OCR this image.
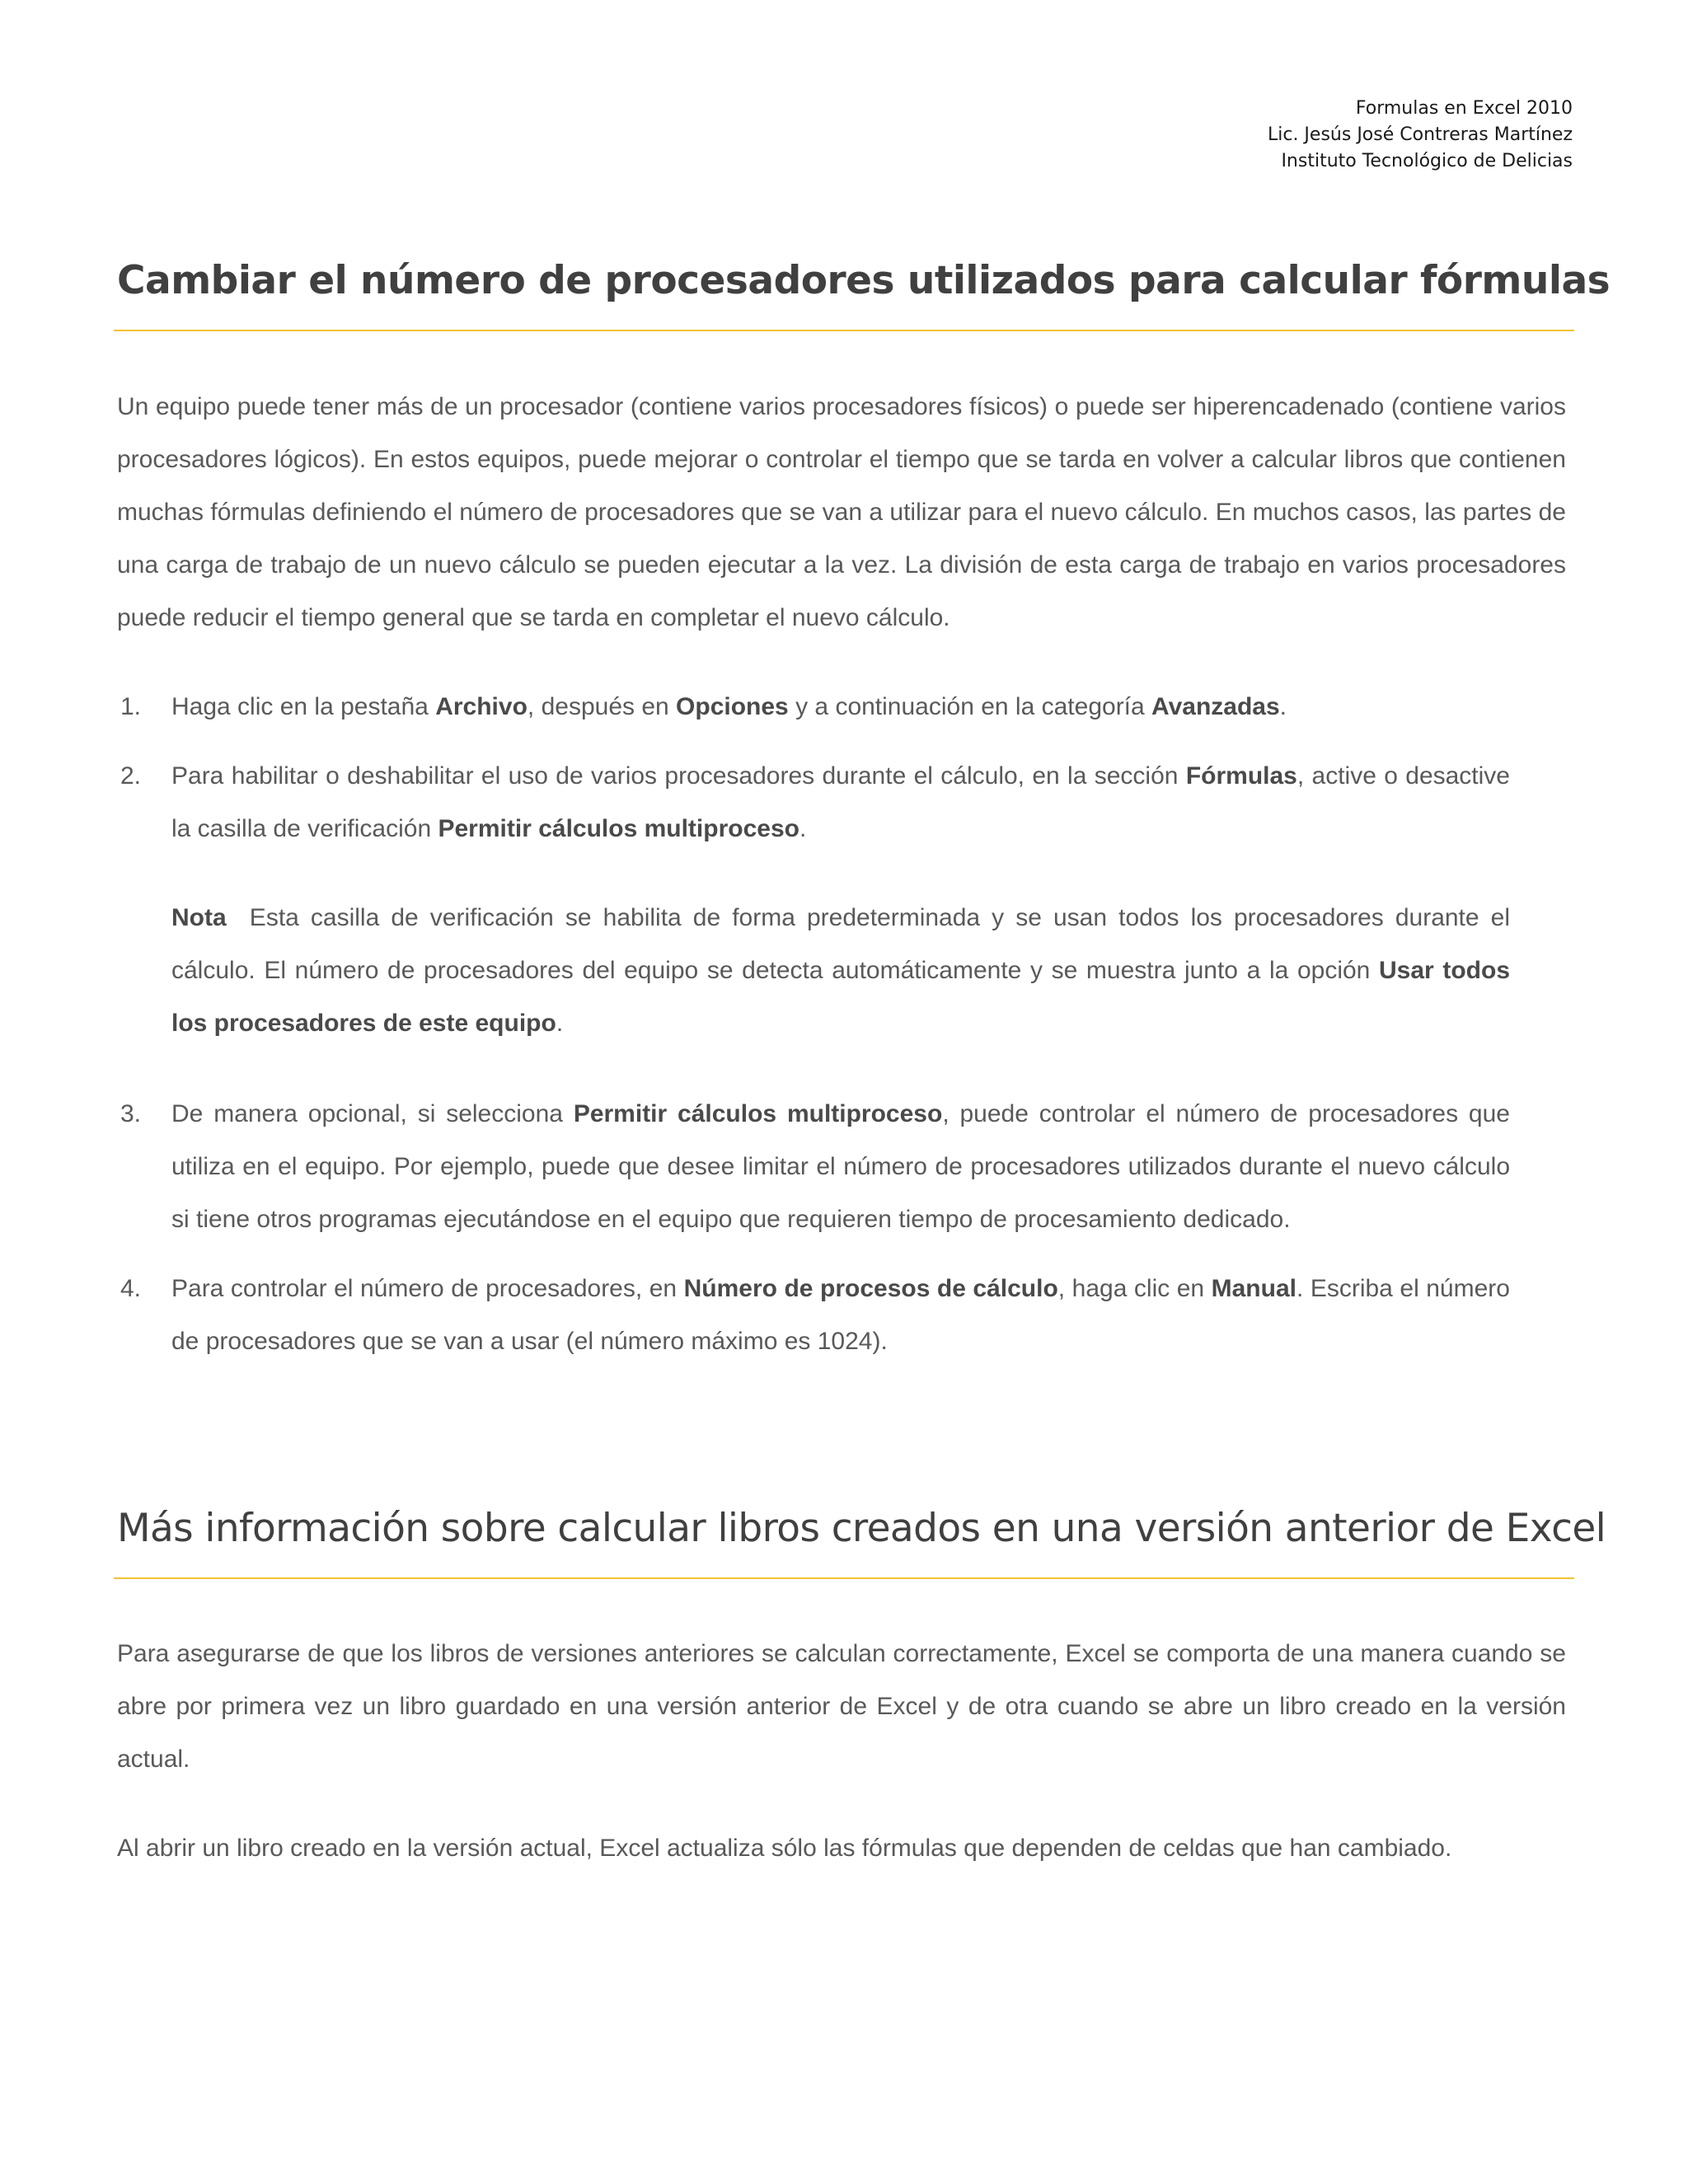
Formulas en Excel 2010
Lic. Jesús José Contreras Martínez
Instituto Tecnológico de Delicias
Cambiar el número de procesadores utilizados para calcular fórmulas
Un equipo puede tener más de un procesador (contiene varios procesadores físicos) o puede ser hiperencadenado (contiene varios procesadores lógicos). En estos equipos, puede mejorar o controlar el tiempo que se tarda en volver a calcular libros que contienen muchas fórmulas definiendo el número de procesadores que se van a utilizar para el nuevo cálculo. En muchos casos, las partes de una carga de trabajo de un nuevo cálculo se pueden ejecutar a la vez. La división de esta carga de trabajo en varios procesadores puede reducir el tiempo general que se tarda en completar el nuevo cálculo.
1. Haga clic en la pestaña Archivo, después en Opciones y a continuación en la categoría Avanzadas.
2. Para habilitar o deshabilitar el uso de varios procesadores durante el cálculo, en la sección Fórmulas, active o desactive la casilla de verificación Permitir cálculos multiproceso.
Nota  Esta casilla de verificación se habilita de forma predeterminada y se usan todos los procesadores durante el cálculo. El número de procesadores del equipo se detecta automáticamente y se muestra junto a la opción Usar todos los procesadores de este equipo.
3. De manera opcional, si selecciona Permitir cálculos multiproceso, puede controlar el número de procesadores que utiliza en el equipo. Por ejemplo, puede que desee limitar el número de procesadores utilizados durante el nuevo cálculo si tiene otros programas ejecutándose en el equipo que requieren tiempo de procesamiento dedicado.
4. Para controlar el número de procesadores, en Número de procesos de cálculo, haga clic en Manual. Escriba el número de procesadores que se van a usar (el número máximo es 1024).
Más información sobre calcular libros creados en una versión anterior de Excel
Para asegurarse de que los libros de versiones anteriores se calculan correctamente, Excel se comporta de una manera cuando se abre por primera vez un libro guardado en una versión anterior de Excel y de otra cuando se abre un libro creado en la versión actual.
Al abrir un libro creado en la versión actual, Excel actualiza sólo las fórmulas que dependen de celdas que han cambiado.
